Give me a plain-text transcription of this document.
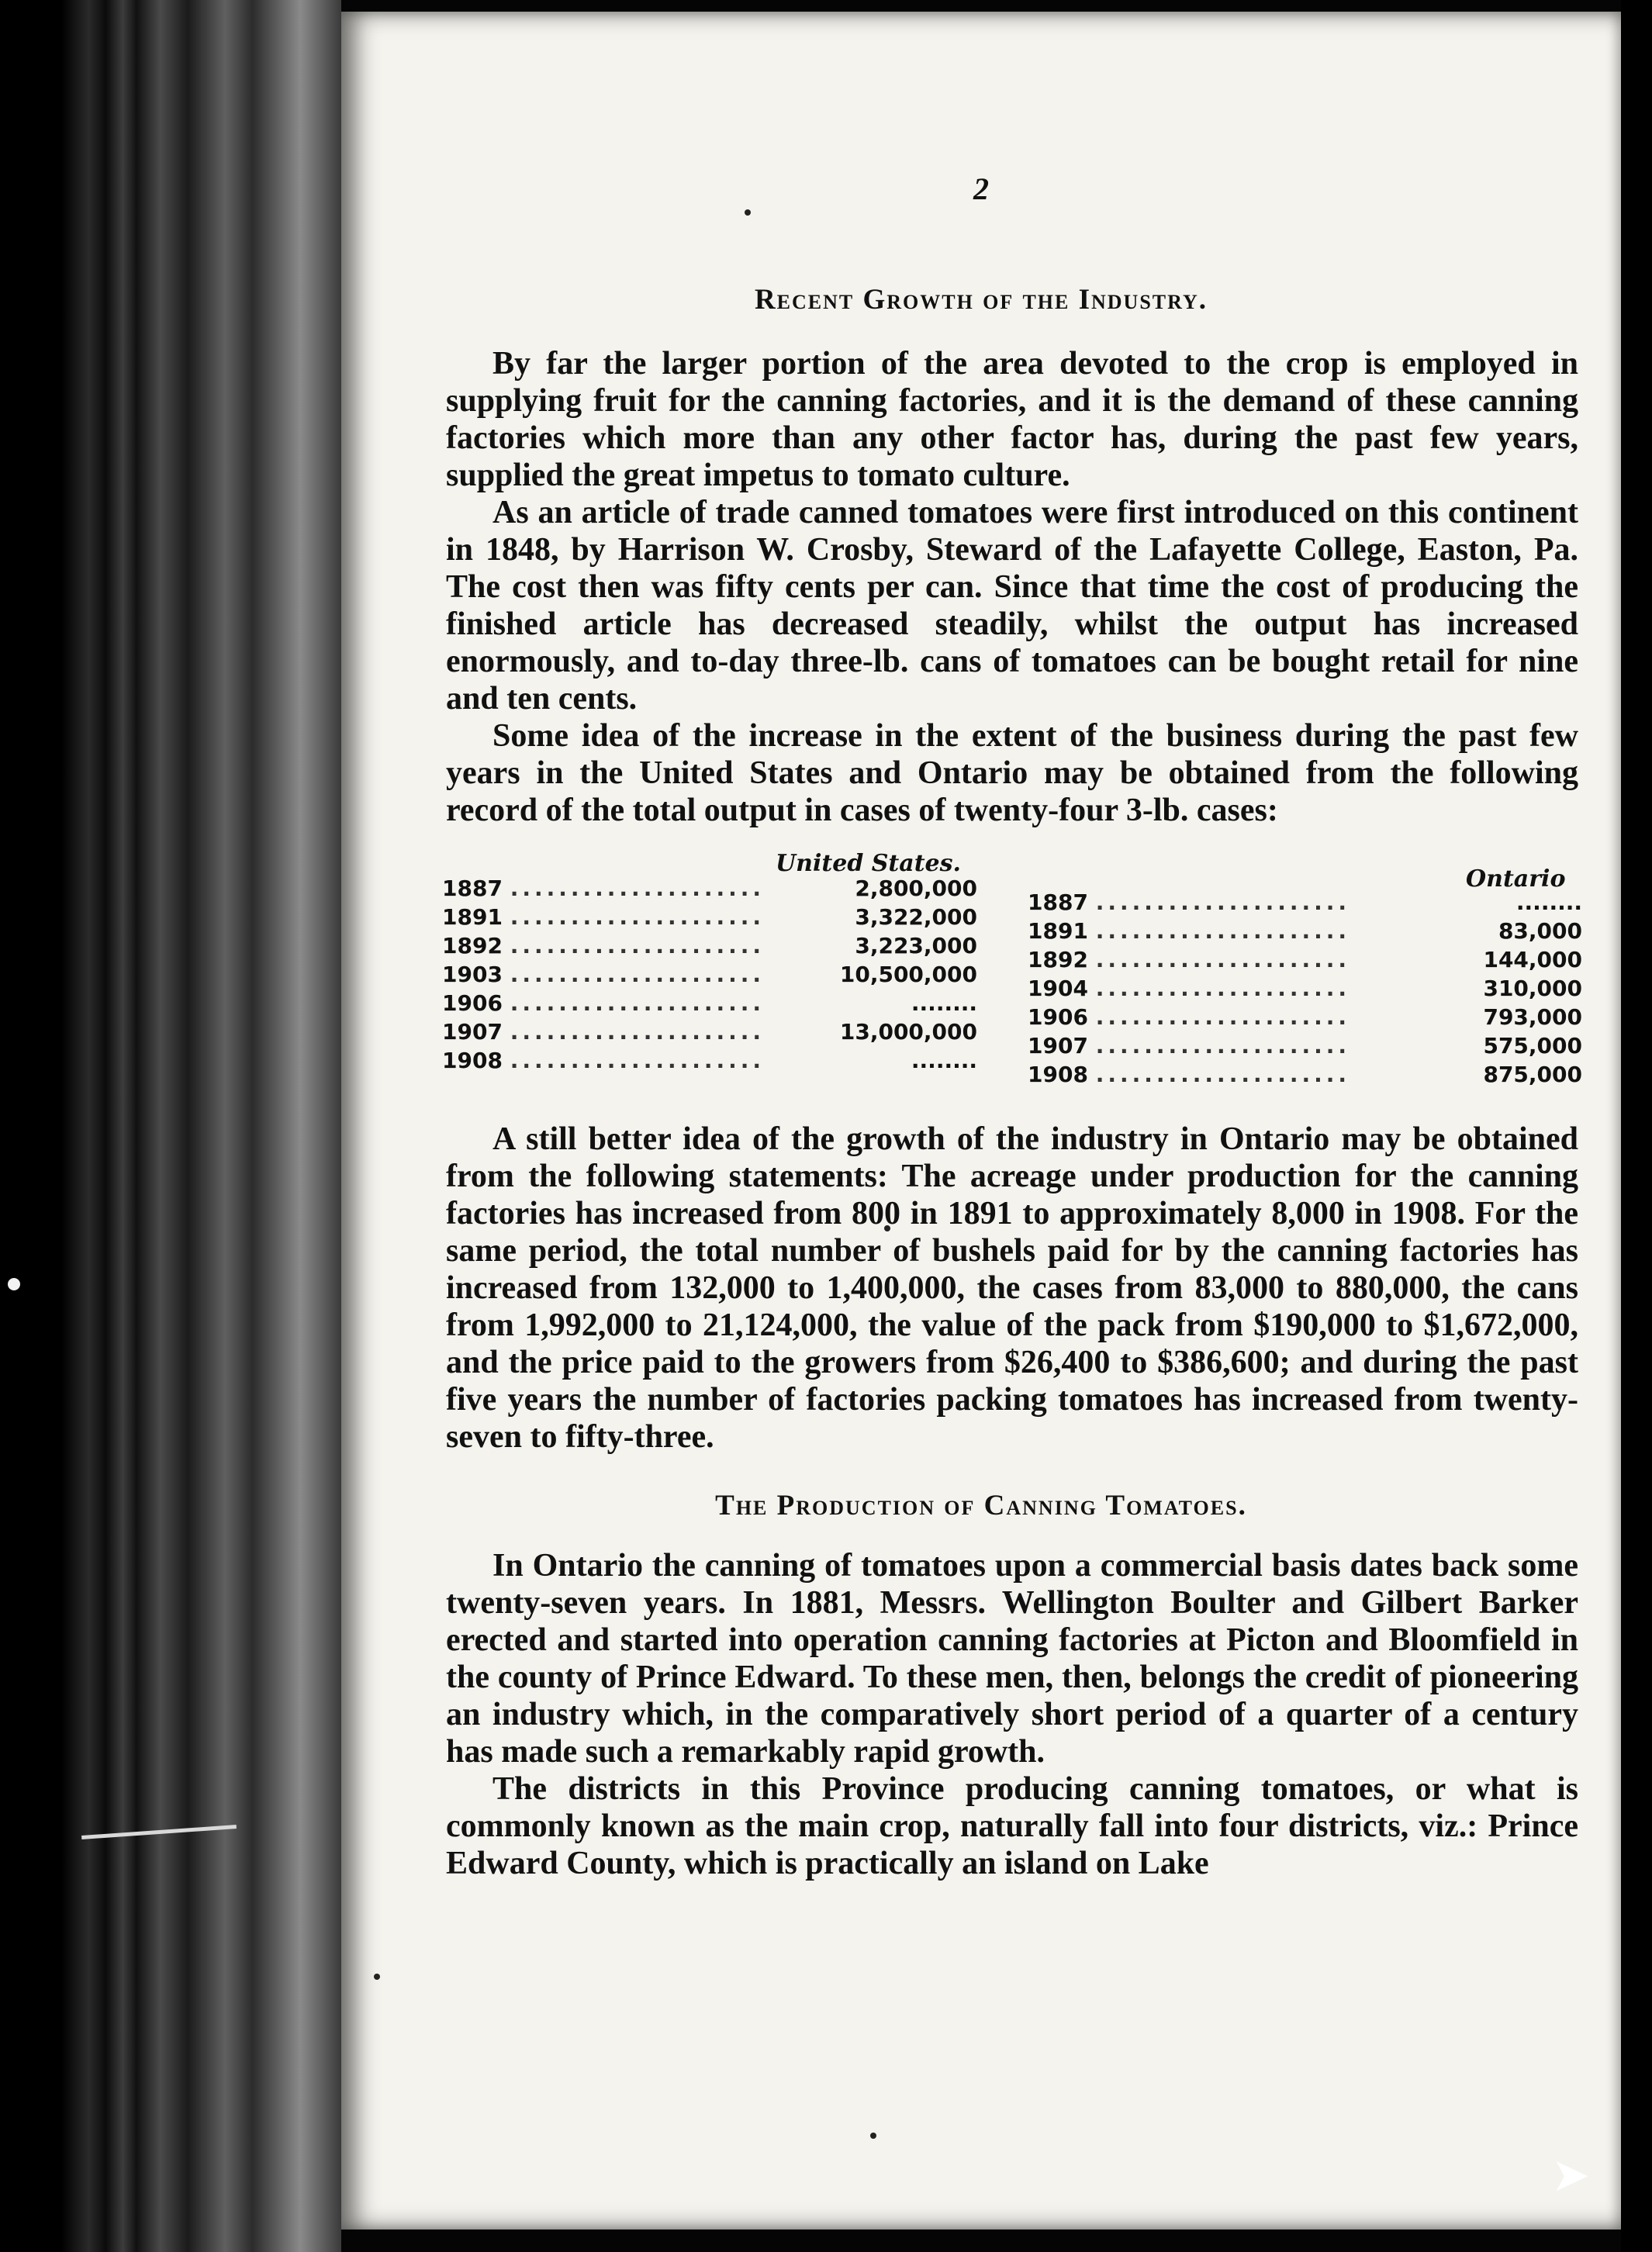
2
Recent Growth of the Industry.

By far the larger portion of the area devoted to the crop is employed in supplying fruit for the canning factories, and it is the demand of these canning factories which more than any other factor has, during the past few years, supplied the great impetus to tomato culture.

As an article of trade canned tomatoes were first introduced on this continent in 1848, by Harrison W. Crosby, Steward of the Lafayette College, Easton, Pa. The cost then was fifty cents per can. Since that time the cost of producing the finished article has decreased steadily, whilst the output has increased enormously, and to-day three-lb. cans of tomatoes can be bought retail for nine and ten cents.

Some idea of the increase in the extent of the business during the past few years in the United States and Ontario may be obtained from the following record of the total output in cases of twenty-four 3-lb. cases:

United States.
Ontario
1887 .....................	2,800,000
1891 .....................	3,322,000
1892 .....................	3,223,000
1903 .....................	10,500,000
1906 .....................	........
1907 .....................	13,000,000
1908 .....................	........
1887 .....................	........
1891 .....................	83,000
1892 .....................	144,000
1904 .....................	310,000
1906 .....................	793,000
1907 .....................	575,000
1908 .....................	875,000

A still better idea of the growth of the industry in Ontario may be obtained from the following statements: The acreage under production for the canning factories has increased from 800 in 1891 to approximately 8,000 in 1908. For the same period, the total number of bushels paid for by the canning factories has increased from 132,000 to 1,400,000, the cases from 83,000 to 880,000, the cans from 1,992,000 to 21,124,000, the value of the pack from $190,000 to $1,672,000, and the price paid to the growers from $26,400 to $386,600; and during the past five years the number of factories packing tomatoes has increased from twenty-seven to fifty-three.

The Production of Canning Tomatoes.

In Ontario the canning of tomatoes upon a commercial basis dates back some twenty-seven years. In 1881, Messrs. Wellington Boulter and Gilbert Barker erected and started into operation canning factories at Picton and Bloomfield in the county of Prince Edward. To these men, then, belongs the credit of pioneering an industry which, in the comparatively short period of a quarter of a century has made such a remarkably rapid growth.

The districts in this Province producing canning tomatoes, or what is commonly known as the main crop, naturally fall into four districts, viz.: Prince Edward County, which is practically an island on Lake

➤
